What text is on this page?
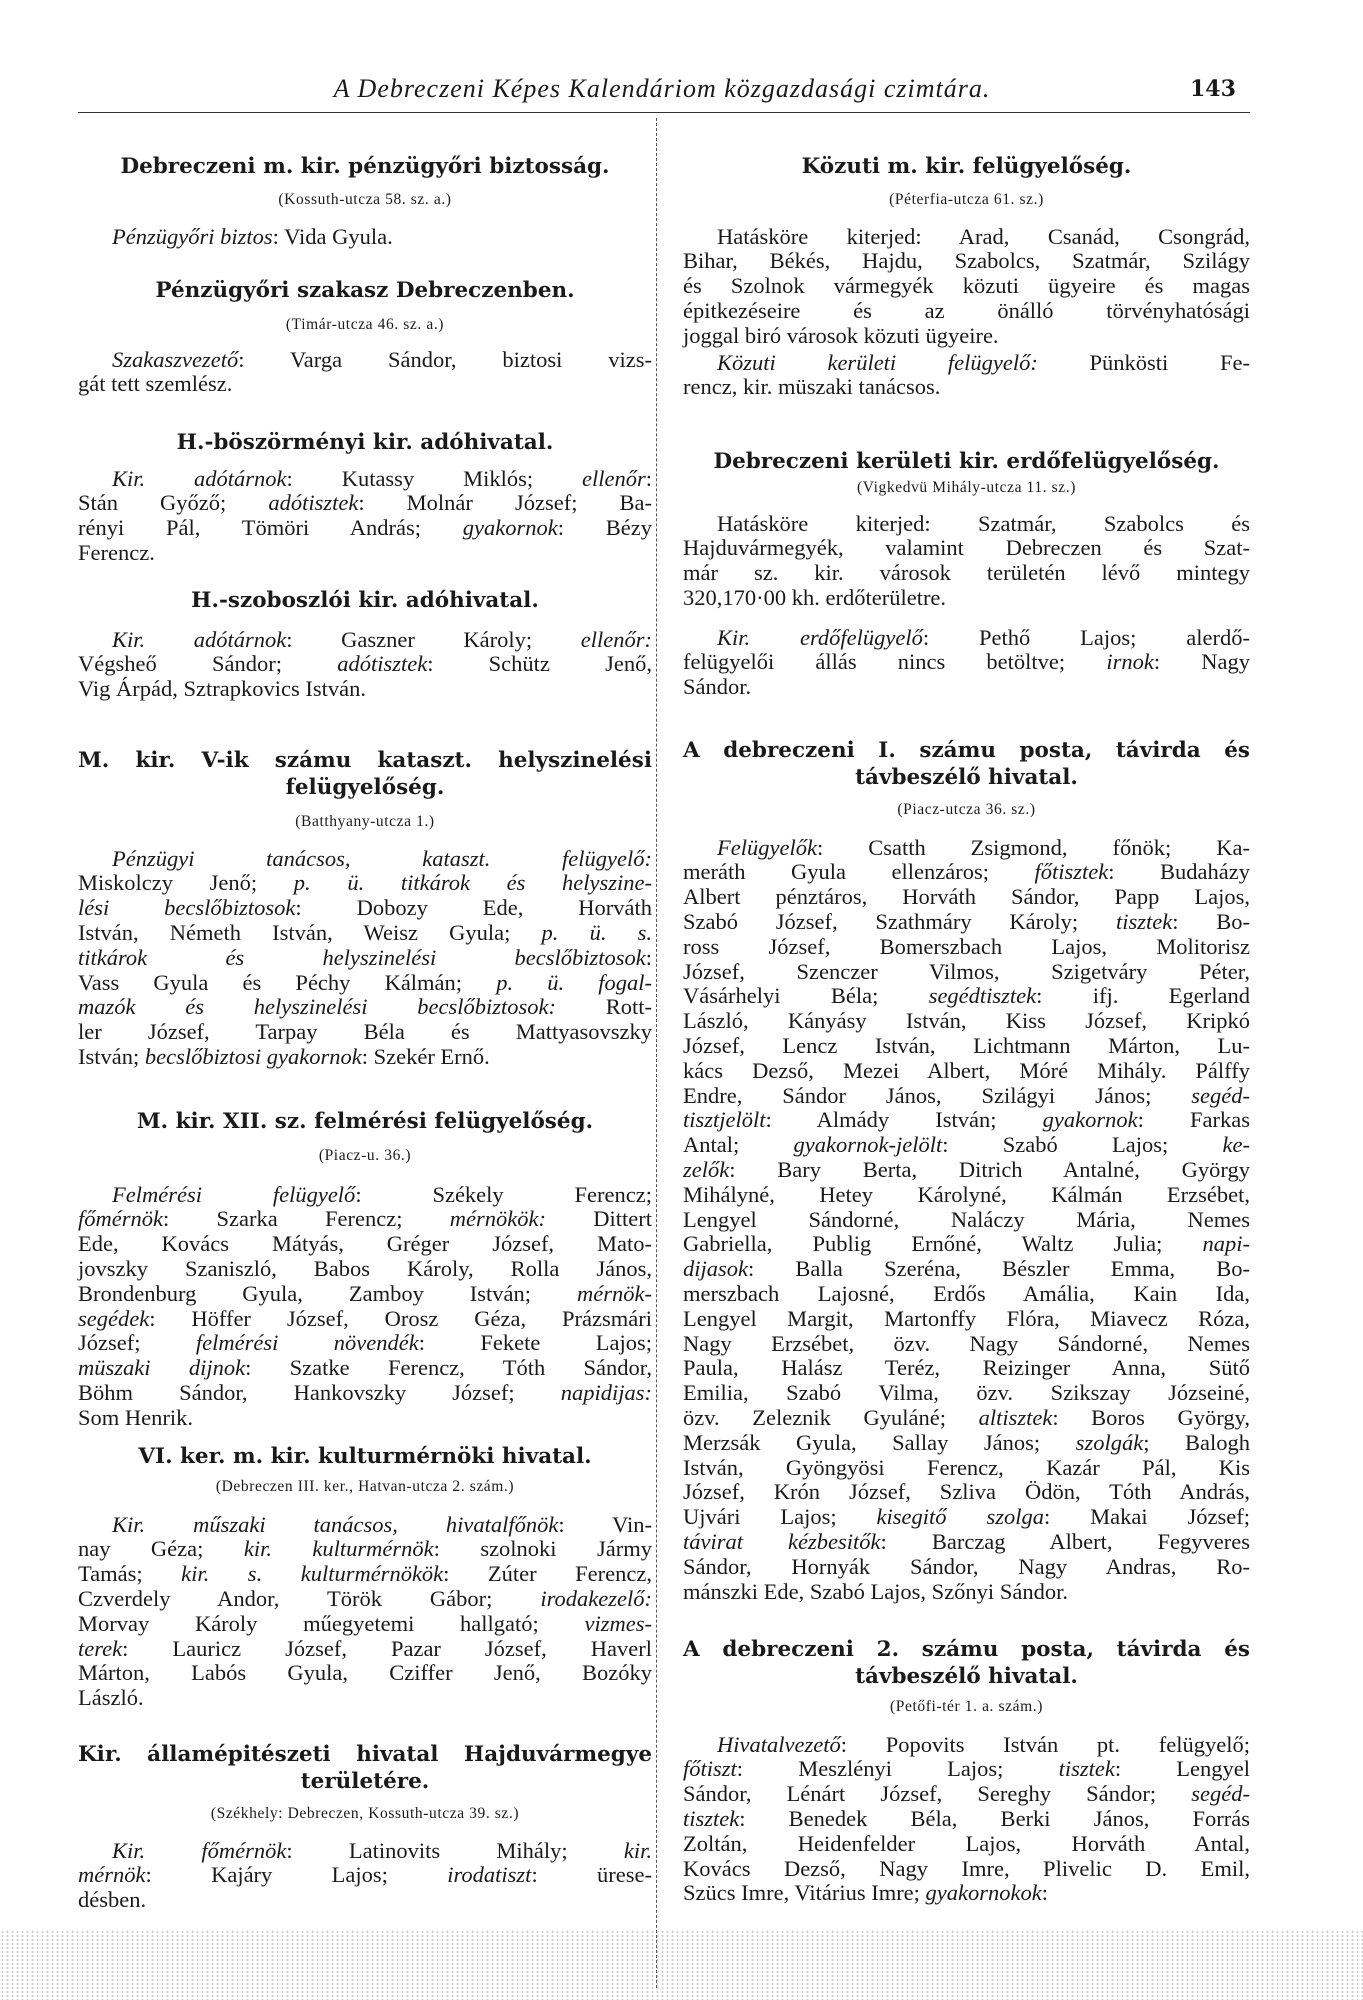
A Debreczeni Képes Kalendáriom közgazdasági czimtára.	143
Debreczeni m. kir. pénzügyőri biztosság.
(Kossuth-utcza 58. sz. a.)
Pénzügyőri biztos: Vida Gyula.
Pénzügyőri szakasz Debreczenben.
(Timár-utcza 46. sz. a.)
Szakaszvezető: Varga Sándor, biztosi vizs-
gát tett szemlész.
H.-böszörményi kir. adóhivatal.
Kir. adótárnok: Kutassy Miklós; ellenőr:
Stán Győző; adótisztek: Molnár József; Ba-
rényi Pál, Tömöri András; gyakornok: Bézy
Ferencz.
H.-szoboszlói kir. adóhivatal.
Kir. adótárnok: Gaszner Károly; ellenőr:
Végsheő Sándor; adótisztek: Schütz Jenő,
Vig Árpád, Sztrapkovics István.
M. kir. V-ik számu kataszt. helyszinelési
felügyelőség.
(Batthyany-utcza 1.)
Pénzügyi tanácsos, kataszt. felügyelő:
Miskolczy Jenő; p. ü. titkárok és helyszine-
lési becslőbiztosok: Dobozy Ede, Horváth
István, Németh István, Weisz Gyula; p. ü. s.
titkárok és helyszinelési becslőbiztosok:
Vass Gyula és Péchy Kálmán; p. ü. fogal-
mazók és helyszinelési becslőbiztosok: Rott-
ler József, Tarpay Béla és Mattyasovszky
István; becslőbiztosi gyakornok: Szekér Ernő.
M. kir. XII. sz. felmérési felügyelőség.
(Piacz-u. 36.)
Felmérési felügyelő: Székely Ferencz;
főmérnök: Szarka Ferencz; mérnökök: Dittert
Ede, Kovács Mátyás, Gréger József, Mato-
jovszky Szaniszló, Babos Károly, Rolla János,
Brondenburg Gyula, Zamboy István; mérnök-
segédek: Höffer József, Orosz Géza, Prázsmári
József; felmérési növendék: Fekete Lajos;
müszaki dijnok: Szatke Ferencz, Tóth Sándor,
Böhm Sándor, Hankovszky József; napidijas:
Som Henrik.
VI. ker. m. kir. kulturmérnöki hivatal.
(Debreczen III. ker., Hatvan-utcza 2. szám.)
Kir. műszaki tanácsos, hivatalfőnök: Vin-
nay Géza; kir. kulturmérnök: szolnoki Jármy
Tamás; kir. s. kulturmérnökök: Zúter Ferencz,
Czverdely Andor, Török Gábor; irodakezelő:
Morvay Károly műegyetemi hallgató; vizmes-
terek: Lauricz József, Pazar József, Haverl
Márton, Labós Gyula, Cziffer Jenő, Bozóky
László.
Kir. államépitészeti hivatal Hajduvármegye
területére.
(Székhely: Debreczen, Kossuth-utcza 39. sz.)
Kir. főmérnök: Latinovits Mihály; kir.
mérnök: Kajáry Lajos; irodatiszt: ürese-
désben.
Közuti m. kir. felügyelőség.
(Péterfia-utcza 61. sz.)
Hatásköre kiterjed: Arad, Csanád, Csongrád,
Bihar, Békés, Hajdu, Szabolcs, Szatmár, Szilágy
és Szolnok vármegyék közuti ügyeire és magas
épitkezéseire és az önálló törvényhatósági
joggal biró városok közuti ügyeire.
Közuti kerületi felügyelő: Pünkösti Fe-
rencz, kir. müszaki tanácsos.
Debreczeni kerületi kir. erdőfelügyelőség.
(Vigkedvü Mihály-utcza 11. sz.)
Hatásköre kiterjed: Szatmár, Szabolcs és
Hajduvármegyék, valamint Debreczen és Szat-
már sz. kir. városok területén lévő mintegy
320,170·00 kh. erdőterületre.
Kir. erdőfelügyelő: Pethő Lajos; alerdő-
felügyelői állás nincs betöltve; irnok: Nagy
Sándor.
A debreczeni I. számu posta, távirda és
távbeszélő hivatal.
(Piacz-utcza 36. sz.)
Felügyelők: Csatth Zsigmond, főnök; Ka-
meráth Gyula ellenzáros; főtisztek: Budaházy
Albert pénztáros, Horváth Sándor, Papp Lajos,
Szabó József, Szathmáry Károly; tisztek: Bo-
ross József, Bomerszbach Lajos, Molitorisz
József, Szenczer Vilmos, Szigetváry Péter,
Vásárhelyi Béla; segédtisztek: ifj. Egerland
László, Kányásy István, Kiss József, Kripkó
József, Lencz István, Lichtmann Márton, Lu-
kács Dezső, Mezei Albert, Móré Mihály. Pálffy
Endre, Sándor János, Szilágyi János; segéd-
tisztjelölt: Almády István; gyakornok: Farkas
Antal; gyakornok-jelölt: Szabó Lajos; ke-
zelők: Bary Berta, Ditrich Antalné, György
Mihályné, Hetey Károlyné, Kálmán Erzsébet,
Lengyel Sándorné, Naláczy Mária, Nemes
Gabriella, Publig Ernőné, Waltz Julia; napi-
dijasok: Balla Szeréna, Bészler Emma, Bo-
merszbach Lajosné, Erdős Amália, Kain Ida,
Lengyel Margit, Martonffy Flóra, Miavecz Róza,
Nagy Erzsébet, özv. Nagy Sándorné, Nemes
Paula, Halász Teréz, Reizinger Anna, Sütő
Emilia, Szabó Vilma, özv. Szikszay Józseiné,
özv. Zeleznik Gyuláné; altisztek: Boros György,
Merzsák Gyula, Sallay János; szolgák; Balogh
István, Gyöngyösi Ferencz, Kazár Pál, Kis
József, Krón József, Szliva Ödön, Tóth András,
Ujvári Lajos; kisegitő szolga: Makai József;
távirat kézbesitők: Barczag Albert, Fegyveres
Sándor, Hornyák Sándor, Nagy Andras, Ro-
mánszki Ede, Szabó Lajos, Szőnyi Sándor.
A debreczeni 2. számu posta, távirda és
távbeszélő hivatal.
(Petőfi-tér 1. a. szám.)
Hivatalvezető: Popovits István pt. felügyelő;
főtiszt: Meszlényi Lajos; tisztek: Lengyel
Sándor, Lénárt József, Sereghy Sándor; segéd-
tisztek: Benedek Béla, Berki János, Forrás
Zoltán, Heidenfelder Lajos, Horváth Antal,
Kovács Dezső, Nagy Imre, Plivelic D. Emil,
Szücs Imre, Vitárius Imre; gyakornokok:
